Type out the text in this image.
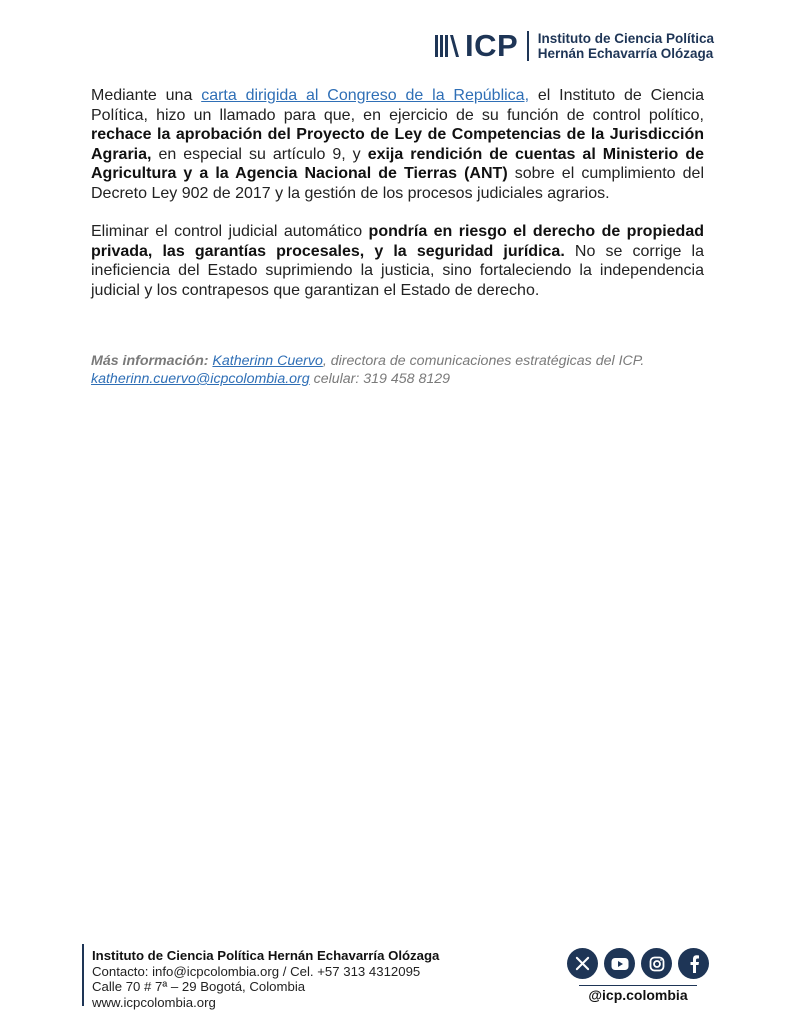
ICP Instituto de Ciencia Política
Hernán Echavarría Olózaga

Mediante una carta dirigida al Congreso de la República, el Instituto de Ciencia Política, hizo un llamado para que, en ejercicio de su función de control político, rechace la aprobación del Proyecto de Ley de Competencias de la Jurisdicción Agraria, en especial su artículo 9, y exija rendición de cuentas al Ministerio de Agricultura y a la Agencia Nacional de Tierras (ANT) sobre el cumplimiento del Decreto Ley 902 de 2017 y la gestión de los procesos judiciales agrarios.

Eliminar el control judicial automático pondría en riesgo el derecho de propiedad privada, las garantías procesales, y la seguridad jurídica. No se corrige la ineficiencia del Estado suprimiendo la justicia, sino fortaleciendo la independencia judicial y los contrapesos que garantizan el Estado de derecho.

Más información: Katherinn Cuervo, directora de comunicaciones estratégicas del ICP.
katherinn.cuervo@icpcolombia.org celular: 319 458 8129
Instituto de Ciencia Política Hernán Echavarría Olózaga
Contacto: info@icpcolombia.org / Cel. +57 313 4312095
Calle 70 # 7ª – 29 Bogotá, Colombia
www.icpcolombia.org	@icp.colombia
